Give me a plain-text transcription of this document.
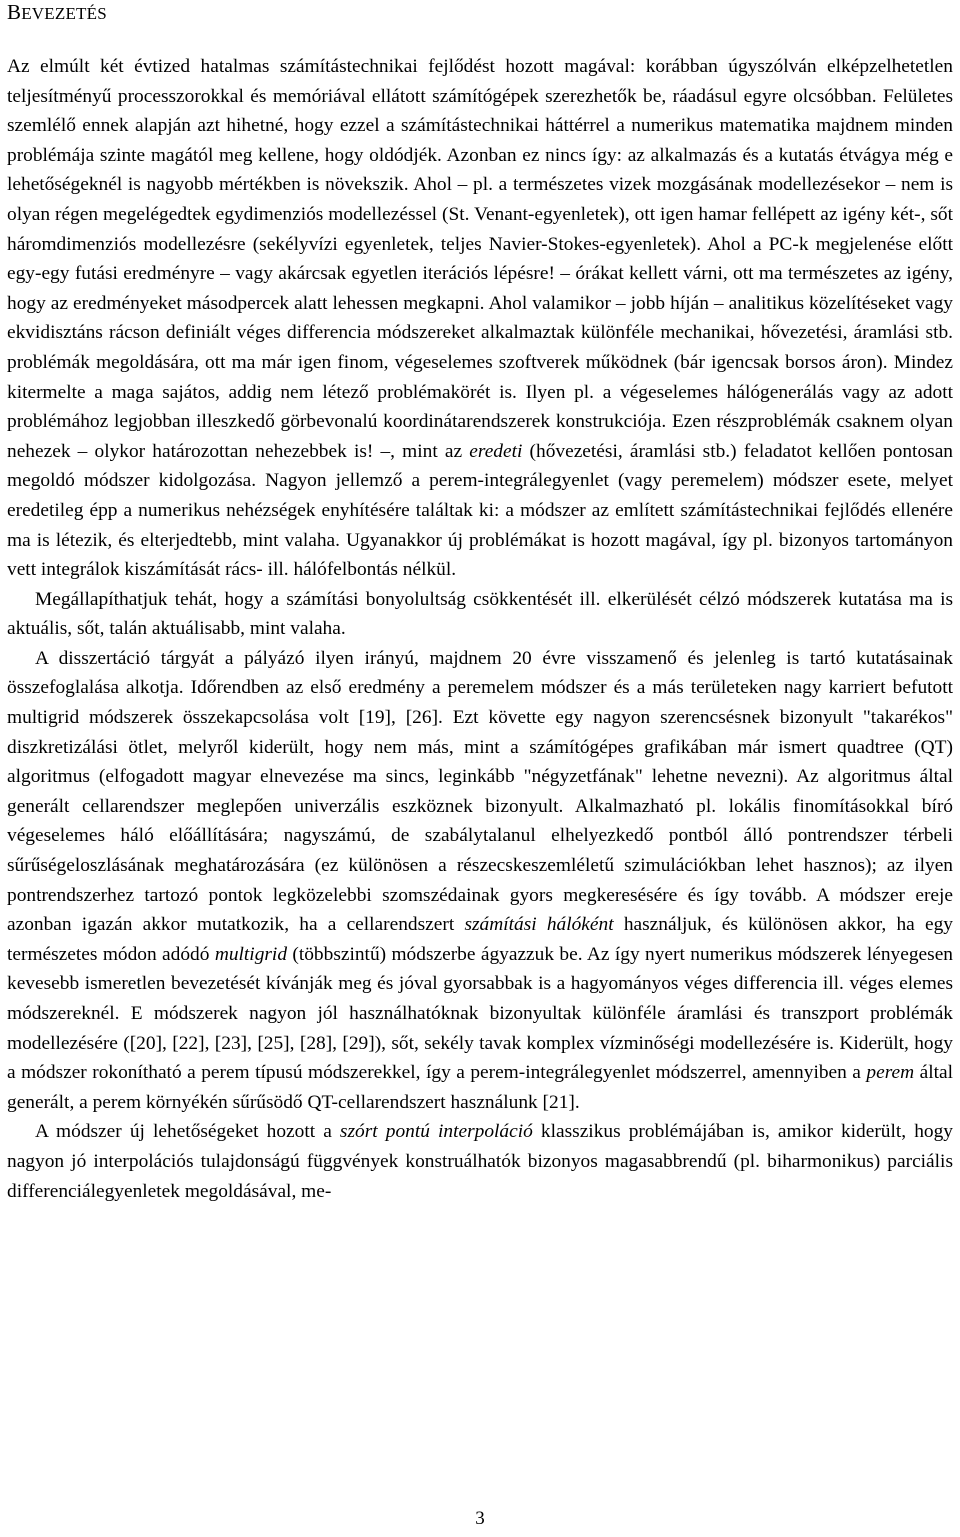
BEVEZETÉS

Az elmúlt két évtized hatalmas számítástechnikai fejlődést hozott magával: korábban úgyszólván elképzelhetetlen teljesítményű processzorokkal és memóriával ellátott számítógépek szerezhetők be, ráadásul egyre olcsóbban. Felületes szemlélő ennek alapján azt hihetné, hogy ezzel a számítástechnikai háttérrel a numerikus matematika majdnem minden problémája szinte magától meg kellene, hogy oldódjék. Azonban ez nincs így: az alkalmazás és a kutatás étvágya még e lehetőségeknél is nagyobb mértékben is növekszik. Ahol – pl. a természetes vizek mozgásának modellezésekor – nem is olyan régen megelégedtek egydimenziós modellezéssel (St. Venant-egyenletek), ott igen hamar fellépett az igény két-, sőt háromdimenziós modellezésre (sekélyvízi egyenletek, teljes Navier-Stokes-egyenletek). Ahol a PC-k megjelenése előtt egy-egy futási eredményre – vagy akárcsak egyetlen iterációs lépésre! – órákat kellett várni, ott ma természetes az igény, hogy az eredményeket másodpercek alatt lehessen megkapni. Ahol valamikor – jobb híján – analitikus közelítéseket vagy ekvidisztáns rácson definiált véges differencia módszereket alkalmaztak különféle mechanikai, hővezetési, áramlási stb. problémák megoldására, ott ma már igen finom, végeselemes szoftverek működnek (bár igencsak borsos áron). Mindez kitermelte a maga sajátos, addig nem létező problémakörét is. Ilyen pl. a végeselemes hálógenerálás vagy az adott problémához legjobban illeszkedő görbevonalú koordinátarendszerek konstrukciója. Ezen részproblémák csaknem olyan nehezek – olykor határozottan nehezebbek is! –, mint az eredeti (hővezetési, áramlási stb.) feladatot kellően pontosan megoldó módszer kidolgozása. Nagyon jellemző a perem-integrálegyenlet (vagy peremelem) módszer esete, melyet eredetileg épp a numerikus nehézségek enyhítésére találtak ki: a módszer az említett számítástechnikai fejlődés ellenére ma is létezik, és elterjedtebb, mint valaha. Ugyanakkor új problémákat is hozott magával, így pl. bizonyos tartományon vett integrálok kiszámítását rács- ill. hálófelbontás nélkül.

Megállapíthatjuk tehát, hogy a számítási bonyolultság csökkentését ill. elkerülését célzó módszerek kutatása ma is aktuális, sőt, talán aktuálisabb, mint valaha.

A disszertáció tárgyát a pályázó ilyen irányú, majdnem 20 évre visszamenő és jelenleg is tartó kutatásainak összefoglalása alkotja. Időrendben az első eredmény a peremelem módszer és a más területeken nagy karriert befutott multigrid módszerek összekapcsolása volt [19], [26]. Ezt követte egy nagyon szerencsésnek bizonyult "takarékos" diszkretizálási ötlet, melyről kiderült, hogy nem más, mint a számítógépes grafikában már ismert quadtree (QT) algoritmus (elfogadott magyar elnevezése ma sincs, leginkább "négyzetfának" lehetne nevezni). Az algoritmus által generált cellarendszer meglepően univerzális eszköznek bizonyult. Alkalmazható pl. lokális finomításokkal bíró végeselemes háló előállítására; nagyszámú, de szabálytalanul elhelyezkedő pontból álló pontrendszer térbeli sűrűségeloszlásának meghatározására (ez különösen a részecskeszemléletű szimulációkban lehet hasznos); az ilyen pontrendszerhez tartozó pontok legközelebbi szomszédainak gyors megkeresésére és így tovább. A módszer ereje azonban igazán akkor mutatkozik, ha a cellarendszert számítási hálóként használjuk, és különösen akkor, ha egy természetes módon adódó multigrid (többszintű) módszerbe ágyazzuk be. Az így nyert numerikus módszerek lényegesen kevesebb ismeretlen bevezetését kívánják meg és jóval gyorsabbak is a hagyományos véges differencia ill. véges elemes módszereknél. E módszerek nagyon jól használhatóknak bizonyultak különféle áramlási és transzport problémák modellezésére ([20], [22], [23], [25], [28], [29]), sőt, sekély tavak komplex vízminőségi modellezésére is. Kiderült, hogy a módszer rokonítható a perem típusú módszerekkel, így a perem-integrálegyenlet módszerrel, amennyiben a perem által generált, a perem környékén sűrűsödő QT-cellarendszert használunk [21].

A módszer új lehetőségeket hozott a szórt pontú interpoláció klasszikus problémájában is, amikor kiderült, hogy nagyon jó interpolációs tulajdonságú függvények konstruálhatók bizonyos magasabbrendű (pl. biharmonikus) parciális differenciálegyenletek megoldásával, me-

3
